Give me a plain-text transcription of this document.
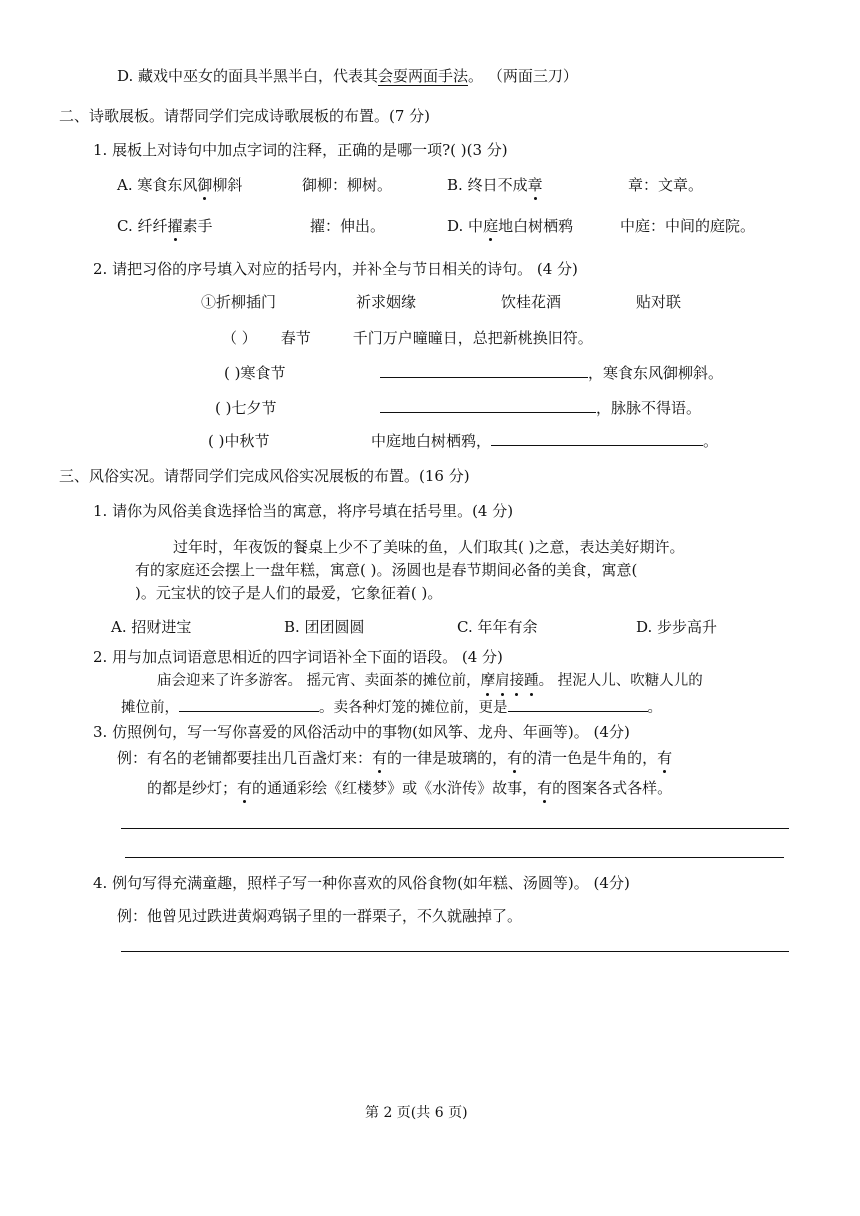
D. 藏戏中巫女的面具半黑半白，代表其会耍两面手法。 （两面三刀）
二、诗歌展板。请帮同学们完成诗歌展板的布置。(7 分)
1. 展板上对诗句中加点字词的注释，正确的是哪一项?( )(3 分)
A. 寒食东风御柳斜	御柳：柳树。	B. 终日不成章	章：文章。
C. 纤纤擢素手	擢：伸出。	D. 中庭地白树栖鸦	中庭：中间的庭院。
2. 请把习俗的序号填入对应的括号内，并补全与节日相关的诗句。 (4 分)
①折柳插门	祈求姻缘	饮桂花酒	贴对联
（ ） 春节	千门万户曈曈日，总把新桃换旧符。
( )寒食节	，寒食东风御柳斜。
( )七夕节	，脉脉不得语。
( )中秋节	中庭地白树栖鸦，	。
三、风俗实况。请帮同学们完成风俗实况展板的布置。(16 分)
1. 请你为风俗美食选择恰当的寓意，将序号填在括号里。(4 分)
过年时，年夜饭的餐桌上少不了美味的鱼，人们取其( )之意，表达美好期许。
有的家庭还会摆上一盘年糕，寓意( )。汤圆也是春节期间必备的美食，寓意(
)。元宝状的饺子是人们的最爱，它象征着( )。
A. 招财进宝	B. 团团圆圆	C. 年年有余	D. 步步高升
2. 用与加点词语意思相近的四字词语补全下面的语段。 (4 分)
庙会迎来了许多游客。 摇元宵、卖面茶的摊位前，摩肩接踵。 捏泥人儿、吹糖人儿的
摊位前，	。卖各种灯笼的摊位前，更是	。
3. 仿照例句，写一写你喜爱的风俗活动中的事物(如风筝、龙舟、年画等)。 (4分)
例：有名的老铺都要挂出几百盏灯来：有的一律是玻璃的，有的清一色是牛角的，有
的都是纱灯；有的通通彩绘《红楼梦》或《水浒传》故事，有的图案各式各样。
4. 例句写得充满童趣，照样子写一种你喜欢的风俗食物(如年糕、汤圆等)。 (4分)
例：他曾见过跌进黄焖鸡锅子里的一群栗子，不久就融掉了。
第 2 页(共 6 页)
